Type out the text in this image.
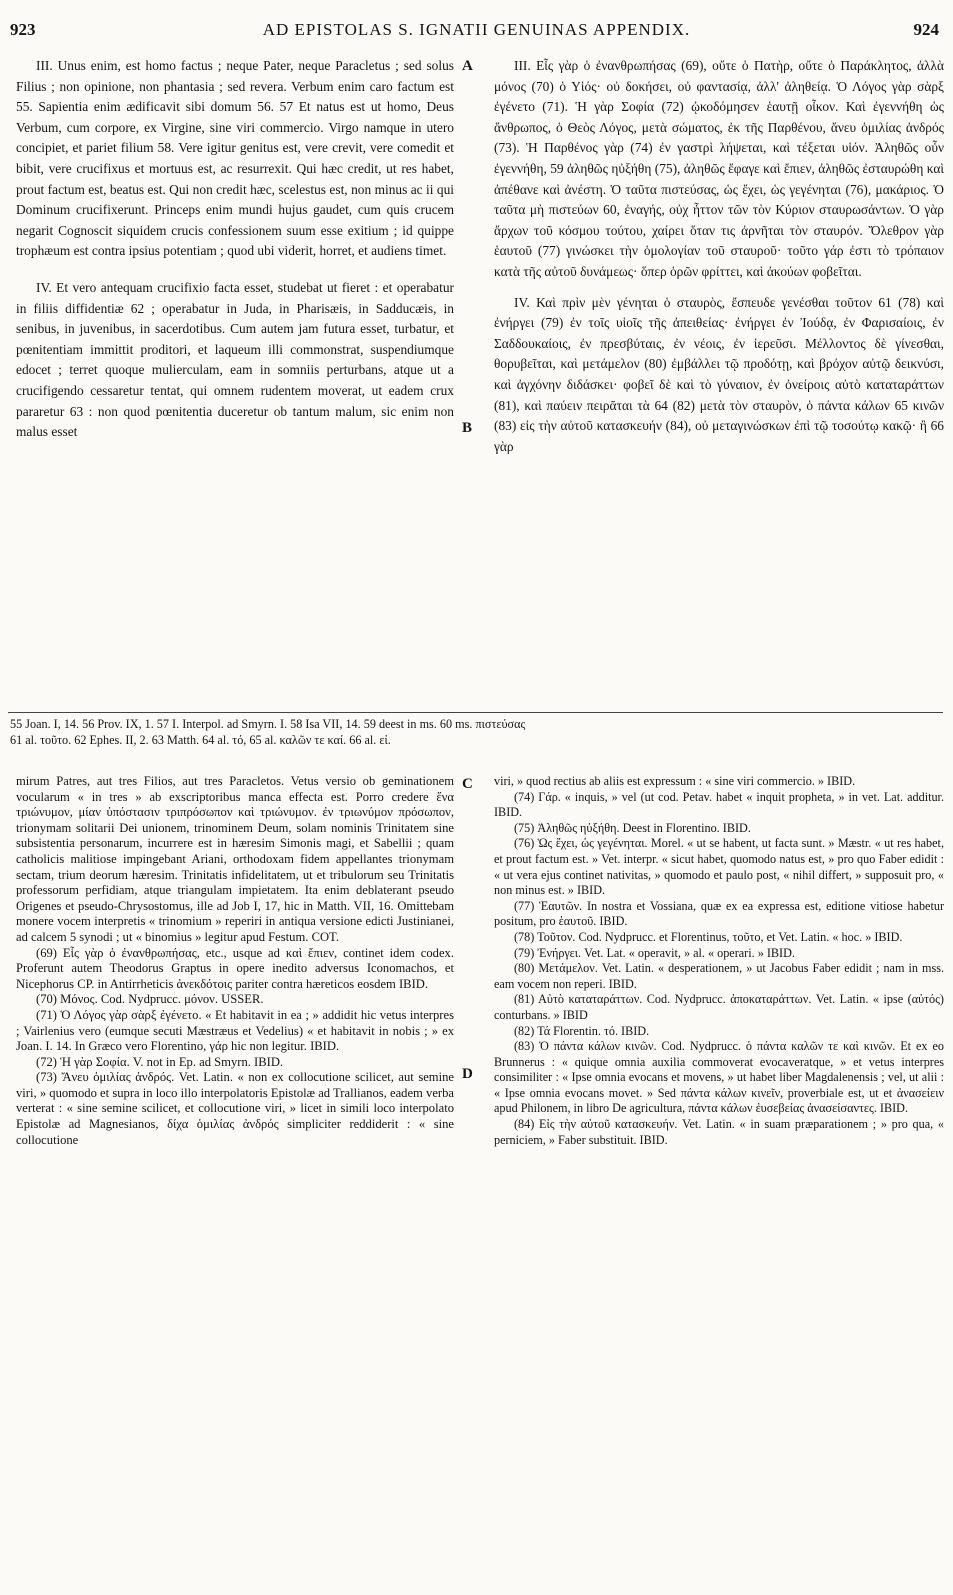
923	AD EPISTOLAS S. IGNATII GENUINAS APPENDIX.	924

III. Unus enim, est homo factus ; neque Pater, neque Paracletus ; sed solus Filius ; non opinione, non phantasia ; sed revera. Verbum enim caro factum est 55. Sapientia enim ædificavit sibi domum 56. 57 Et natus est ut homo, Deus Verbum, cum corpore, ex Virgine, sine viri commercio. Virgo namque in utero concipiet, et pariet filium 58. Vere igitur genitus est, vere crevit, vere comedit et bibit, vere crucifixus et mortuus est, ac resurrexit. Qui hæc credit, ut res habet, prout factum est, beatus est. Qui non credit hæc, scelestus est, non minus ac ii qui Dominum crucifixerunt. Princeps enim mundi hujus gaudet, cum quis crucem negarit Cognoscit siquidem crucis confessionem suum esse exitium ; id quippe trophæum est contra ipsius potentiam ; quod ubi viderit, horret, et audiens timet.

IV. Et vero antequam crucifixio facta esset, studebat ut fieret : et operabatur in filiis diffidentiæ 62 ; operabatur in Juda, in Pharisæis, in Sadducæis, in senibus, in juvenibus, in sacerdotibus. Cum autem jam futura esset, turbatur, et pœnitentiam immittit proditori, et laqueum illi commonstrat, suspendiumque edocet ; terret quoque mulierculam, eam in somniis perturbans, atque ut a crucifigendo cessaretur tentat, qui omnem rudentem moverat, ut eadem crux pararetur 63 : non quod pœnitentia duceretur ob tantum malum, sic enim non malus esset

III. Εἷς γὰρ ὁ ἐνανθρωπήσας (69), οὔτε ὁ Πατὴρ, οὔτε ὁ Παράκλητος, ἀλλὰ μόνος (70) ὁ Υἱός· οὐ δοκήσει, οὐ φαντασίᾳ, ἀλλ' ἀληθείᾳ. Ὁ Λόγος γὰρ σὰρξ ἐγένετο (71). Ἡ γὰρ Σοφία (72) ᾠκοδόμησεν ἑαυτῇ οἶκον. Καὶ ἐγεννήθη ὡς ἄνθρωπος, ὁ Θεὸς Λόγος, μετὰ σώματος, ἐκ τῆς Παρθένου, ἄνευ ὁμιλίας ἀνδρός (73). Ἡ Παρθένος γὰρ (74) ἐν γαστρὶ λήψεται, καὶ τέξεται υἱόν. Ἀληθῶς οὖν ἐγεννήθη, 59 ἀληθῶς ηὐξήθη (75), ἀληθῶς ἔφαγε καὶ ἔπιεν, ἀληθῶς ἐσταυρώθη καὶ ἀπέθανε καὶ ἀνέστη. Ὁ ταῦτα πιστεύσας, ὡς ἔχει, ὡς γεγένηται (76), μακάριος. Ὁ ταῦτα μὴ πιστεύων 60, ἐναγής, οὐχ ἧττον τῶν τὸν Κύριον σταυρωσάντων. Ὁ γὰρ ἄρχων τοῦ κόσμου τούτου, χαίρει ὅταν τις ἀρνῆται τὸν σταυρόν. Ὄλεθρον γὰρ ἑαυτοῦ (77) γινώσκει τὴν ὁμολογίαν τοῦ σταυροῦ· τοῦτο γάρ ἐστι τὸ τρόπαιον κατὰ τῆς αὐτοῦ δυνάμεως· ὅπερ ὁρῶν φρίττει, καὶ ἀκούων φοβεῖται.

IV. Καὶ πρὶν μὲν γένηται ὁ σταυρὸς, ἔσπευδε γενέσθαι τοῦτον 61 (78) καὶ ἐνήργει (79) ἐν τοῖς υἱοῖς τῆς ἀπειθείας· ἐνήργει ἐν Ἰούδᾳ, ἐν Φαρισαίοις, ἐν Σαδδουκαίοις, ἐν πρεσβύταις, ἐν νέοις, ἐν ἱερεῦσι. Μέλλοντος δὲ γίνεσθαι, θορυβεῖται, καὶ μετάμελον (80) ἐμβάλλει τῷ προδότῃ, καὶ βρόχον αὐτῷ δεικνύσι, καὶ ἀγχόνην διδάσκει· φοβεῖ δὲ καὶ τὸ γύναιον, ἐν ὀνείροις αὐτὸ καταταράττων (81), καὶ παύειν πειρᾶται τὰ 64 (82) μετὰ τὸν σταυρὸν, ὁ πάντα κάλων 65 κινῶν (83) εἰς τὴν αὐτοῦ κατασκευήν (84), οὐ μεταγινώσκων ἐπὶ τῷ τοσούτῳ κακῷ· ἢ 66 γὰρ

A
B
C
D
55 Joan. I, 14. 56 Prov. IX, 1. 57 I. Interpol. ad Smyrn. I. 58 Isa VII, 14. 59 deest in ms. 60 ms. πιστεύσας
61 al. τοῦτο. 62 Ephes. II, 2. 63 Matth. 64 al. τό, 65 al. καλῶν τε καί. 66 al. εἰ.

mirum Patres, aut tres Filios, aut tres Paracletos. Vetus versio ob geminationem vocularum « in tres » ab exscriptoribus manca effecta est. Porro credere ἕνα τριώνυμον, μίαν ὑπόστασιν τριπρόσωπον καὶ τριώνυμον. ἐν τριωνύμον πρόσωπον, trionymam solitarii Dei unionem, trinominem Deum, solam nominis Trinitatem sine subsistentia personarum, incurrere est in hæresim Simonis magi, et Sabellii ; quam catholicis malitiose impingebant Ariani, orthodoxam fidem appellantes trionymam sectam, trium deorum hæresim. Trinitatis infidelitatem, ut et tribulorum seu Trinitatis professorum perfidiam, atque triangulam impietatem. Ita enim deblaterant pseudo Origenes et pseudo-Chrysostomus, ille ad Job I, 17, hic in Matth. VII, 16. Omittebam monere vocem interpretis « trinomium » reperiri in antiqua versione edicti Justinianei, ad calcem 5 synodi ; ut « binomius » legitur apud Festum. COT.

(69) Εἷς γὰρ ὁ ἐνανθρωπήσας, etc., usque ad καὶ ἔπιεν, continet idem codex. Proferunt autem Theodorus Graptus in opere inedito adversus Iconomachos, et Nicephorus CP. in Antirrheticis ἀνεκδότοις pariter contra hæreticos eosdem IBID.

(70) Μόνος. Cod. Nydprucc. μόνον. USSER.

(71) Ὁ Λόγος γὰρ σὰρξ ἐγένετο. « Et habitavit in ea ; » addidit hic vetus interpres ; Vairlenius vero (eumque secuti Mæstræus et Vedelius) « et habitavit in nobis ; » ex Joan. I. 14. In Græco vero Florentino, γάρ hic non legitur. IBID.

(72) Ἡ γὰρ Σοφία. V. not in Ep. ad Smyrn. IBID.

(73) Ἄνευ ὁμιλίας ἀνδρός. Vet. Latin. « non ex collocutione scilicet, aut semine viri, » quomodo et supra in loco illo interpolatoris Epistolæ ad Trallianos, eadem verba verterat : « sine semine scilicet, et collocutione viri, » licet in simili loco interpolato Epistolæ ad Magnesianos, δίχα ὁμιλίας ἀνδρός simpliciter reddiderit : « sine collocutione

viri, » quod rectius ab aliis est expressum : « sine viri commercio. » IBID.

(74) Γάρ. « inquis, » vel (ut cod. Petav. habet « inquit propheta, » in vet. Lat. additur. IBID.

(75) Ἀληθῶς ηὐξήθη. Deest in Florentino. IBID.

(76) Ὡς ἔχει, ὡς γεγένηται. Morel. « ut se habent, ut facta sunt. » Mæstr. « ut res habet, et prout factum est. » Vet. interpr. « sicut habet, quomodo natus est, » pro quo Faber edidit : « ut vera ejus continet nativitas, » quomodo et paulo post, « nihil differt, » supposuit pro, « non minus est. » IBID.

(77) Ἑαυτῶν. In nostra et Vossiana, quæ ex ea expressa est, editione vitiose habetur positum, pro ἑαυτοῦ. IBID.

(78) Τοῦτον. Cod. Nydprucc. et Florentinus, τοῦτο, et Vet. Latin. « hoc. » IBID.

(79) Ἐνήργει. Vet. Lat. « operavit, » al. « operari. » IBID.

(80) Μετάμελον. Vet. Latin. « desperationem, » ut Jacobus Faber edidit ; nam in mss. eam vocem non reperi. IBID.

(81) Αὐτὸ καταταράττων. Cod. Nydprucc. ἀποκαταράττων. Vet. Latin. « ipse (αὐτός) conturbans. » IBID

(82) Τά Florentin. τό. IBID.

(83) Ὁ πάντα κάλων κινῶν. Cod. Nydprucc. ὁ πάντα καλῶν τε καὶ κινῶν. Et ex eo Brunnerus : « quique omnia auxilia commoverat evocaveratque, » et vetus interpres consimiliter : « Ipse omnia evocans et movens, » ut habet liber Magdalenensis ; vel, ut alii : « Ipse omnia evocans movet. » Sed πάντα κάλων κινεῖν, proverbiale est, ut et ἀνασείειν apud Philonem, in libro De agricultura, πάντα κάλων ἐυσεβείας ἀνασείσαντες. IBID.

(84) Εἰς τὴν αὐτοῦ κατασκευήν. Vet. Latin. « in suam præparationem ; » pro qua, « perniciem, » Faber substituit. IBID.
